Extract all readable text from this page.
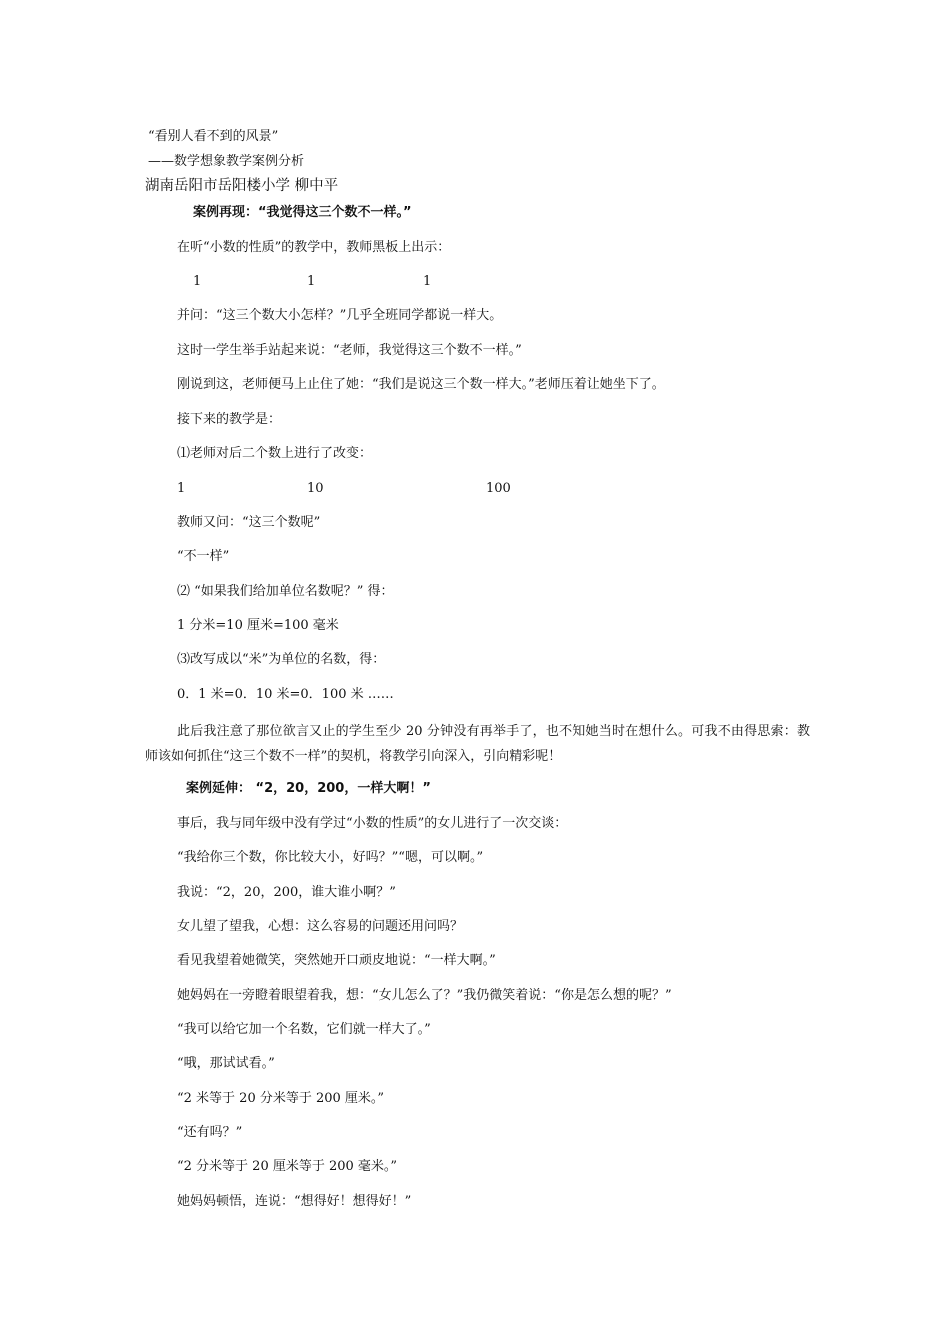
“看别人看不到的风景”
——数学想象教学案例分析
湖南岳阳市岳阳楼小学 柳中平
案例再现：“我觉得这三个数不一样。”
在听“小数的性质”的教学中，教师黑板上出示：
1	1	1
并问：“这三个数大小怎样？”几乎全班同学都说一样大。
这时一学生举手站起来说：“老师，我觉得这三个数不一样。”
刚说到这，老师便马上止住了她：“我们是说这三个数一样大。”老师压着让她坐下了。
接下来的教学是：
⑴老师对后二个数上进行了改变：
1	10	100
教师又问：“这三个数呢”
“不一样”
⑵ “如果我们给加单位名数呢？” 得：
1 分米=10 厘米=100 毫米
⑶改写成以“米”为单位的名数，得：
0．1 米=0．10 米=0．100 米 ……
此后我注意了那位欲言又止的学生至少 20 分钟没有再举手了，也不知她当时在想什么。可我不由得思索：教师该如何抓住“这三个数不一样”的契机，将教学引向深入，引向精彩呢！
案例延伸： “2，20，200，一样大啊！”
事后，我与同年级中没有学过“小数的性质”的女儿进行了一次交谈：
“我给你三个数，你比较大小，好吗？”“嗯，可以啊。”
我说：“2，20，200，谁大谁小啊？”
女儿望了望我，心想：这么容易的问题还用问吗？
看见我望着她微笑，突然她开口顽皮地说：“一样大啊。”
她妈妈在一旁瞪着眼望着我，想：“女儿怎么了？”我仍微笑着说：“你是怎么想的呢？”
“我可以给它加一个名数，它们就一样大了。”
“哦，那试试看。”
“2 米等于 20 分米等于 200 厘米。”
“还有吗？”
“2 分米等于 20 厘米等于 200 毫米。”
她妈妈顿悟，连说：“想得好！想得好！”
